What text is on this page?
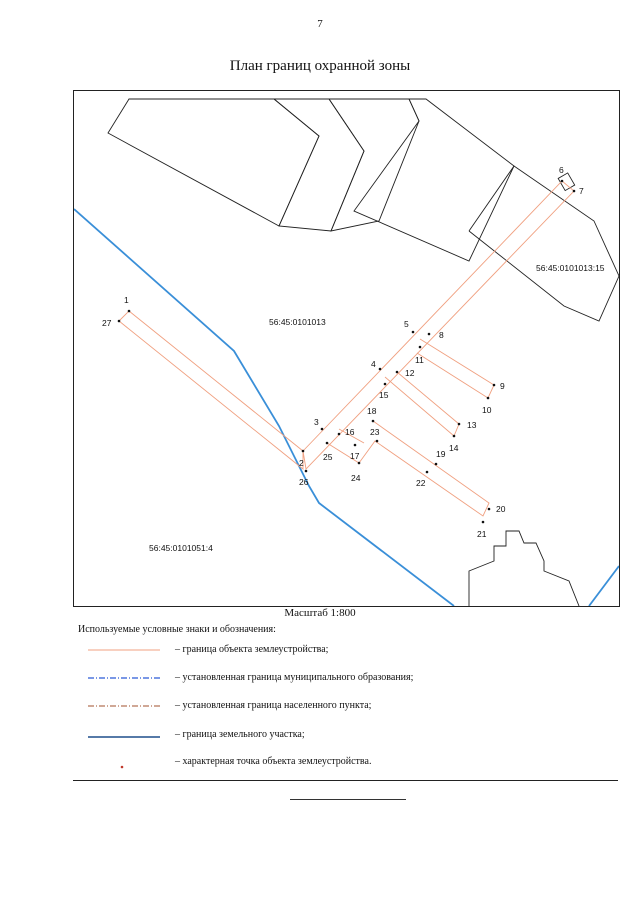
7
План границ охранной зоны
56:45:0101013
56:45:0101013:15
56:45:0101051:4
1
2
3
4
5
6
7
8
9
10
11
12
13
14
15
16
17
18
19
20
21
22
23
24
25
26
27
Масштаб 1:800
Используемые условные знаки и обозначения:
– граница объекта землеустройства;
– установленная граница муниципального образования;
– установленная граница населенного пункта;
– граница земельного участка;
– характерная точка объекта землеустройства.
